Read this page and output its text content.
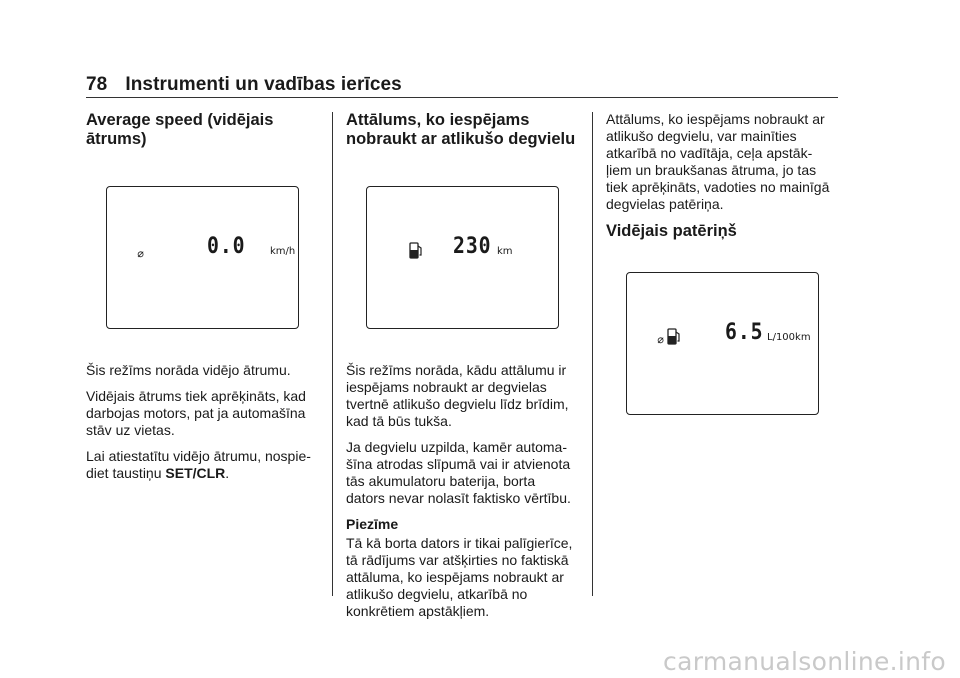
78 Instrumenti un vadības ierīces
Average speed (vidējais
ātrums)
⌀	0.0 km/h

Šis režīms norāda vidējo ātrumu.

Vidējais ātrums tiek aprēķināts, kad
darbojas motors, pat ja automašīna
stāv uz vietas.

Lai atiestatītu vidējo ātrumu, nospie-
diet taustiņu SET/CLR.

Attālums, ko iespējams
nobraukt ar atlikušo degvielu
230 km

Šis režīms norāda, kādu attālumu ir
iespējams nobraukt ar degvielas
tvertnē atlikušo degvielu līdz brīdim,
kad tā būs tukša.

Ja degvielu uzpilda, kamēr automa-
šīna atrodas slīpumā vai ir atvienota
tās akumulatoru baterija, borta
dators nevar nolasīt faktisko vērtību.

Piezīme

Tā kā borta dators ir tikai palīgierīce,
tā rādījums var atšķirties no faktiskā
attāluma, ko iespējams nobraukt ar
atlikušo degvielu, atkarībā no
konkrētiem apstākļiem.

Attālums, ko iespējams nobraukt ar
atlikušo degvielu, var mainīties
atkarībā no vadītāja, ceļa apstāk-
ļiem un braukšanas ātruma, jo tas
tiek aprēķināts, vadoties no mainīgā
degvielas patēriņa.

Vidējais patēriņš
⌀	6.5 L/100km
carmanualsonline.info
